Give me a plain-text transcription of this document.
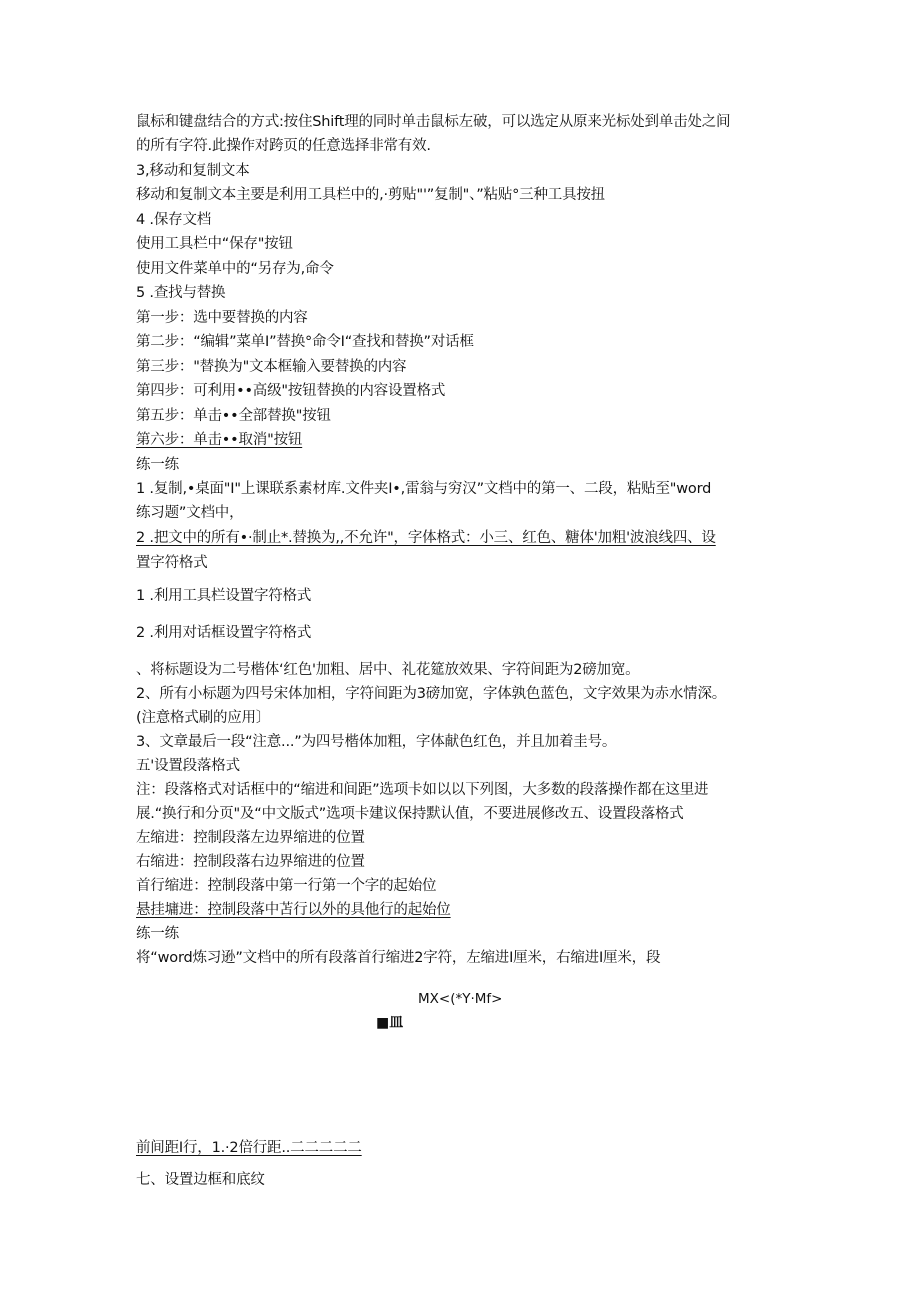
鼠标和键盘结合的方式:按住Shift理的同时单击鼠标左破，可以选定从原来光标处到单击处之间
的所有字符.此操作对跨页的任意选择非常有效.
3,移动和复制文本
移动和复制文本主要是利用工具栏中的,·剪贴"'”复制"、”粘贴°三种工具按扭
4 .保存文档
使用工具栏中“保存"按钮
使用文件菜单中的“另存为,命令
5 .查找与替换
第一步：选中要替换的内容
第二步：“编辑”菜单I”替换°命令I“查找和替换”对话框
第三步："替换为"文本框输入要替换的内容
第四步：可利用••高级"按钮替换的内容设置格式
第五步：单击••全部替换"按钮
第六步：单击••取消"按钮
练一练
1 .复制,•桌面"I"上课联系素材库.文件夹I•,雷翁与穷汉”文档中的第一、二段，粘贴至"word
练习题”文档中，
2 .把文中的所有•·制止*.替换为,,不允许"，字体格式：小三、红色、糖体'加粗'波浪线四、设
置字符格式
1 .利用工具栏设置字符格式
2 .利用对话框设置字符格式
、将标题设为二号楷体‘红色'加粗、居中、礼花筵放效果、字符间距为2磅加宽。
2、所有小标题为四号宋体加相，字符间距为3磅加宽，字体孰色蓝色，文字效果为赤水情深。
(注意格式刷的应用〕
3、文章最后一段“注意...”为四号楷体加粗，字体献色红色，并且加着圭号。
五'设置段落格式
注：段落格式对话框中的“缩进和间距”选项卡如以以下列图，大多数的段落操作都在这里进
展.“换行和分页"及“中文版式”选项卡建议保持默认值，不要进展修改五、设置段落格式
左缩进：控制段落左边界缩进的位置
右缩进：控制段落右边界缩进的位置
首行缩进：控制段落中第一行第一个字的起始位
悬挂墉进：控制段落中苫行以外的具他行的起始位
练一练
将“word炼习逊”文档中的所有段落首行缩进2字符，左缩进I厘米，右缩进I厘米，段
MX<(*Y·Mf>
■皿
前间距I行，1.·2倍行距..二二二二二
七、设置边框和底纹
